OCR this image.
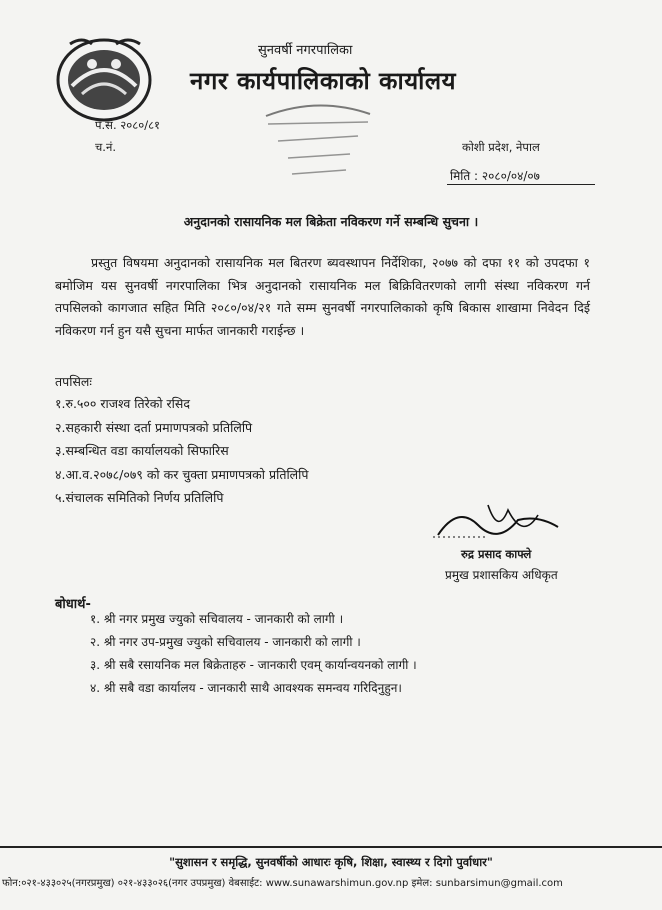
सुनवर्षी नगरपालिका
नगर कार्यपालिकाको कार्यालय
प.सं. २०८०/८१
च.नं.	कोशी प्रदेश, नेपाल
मिति : २०८०/०४/०७
अनुदानको रासायनिक मल बिक्रेता नविकरण गर्ने सम्बन्धि सुचना ।
प्रस्तुत विषयमा अनुदानको रासायनिक मल बितरण ब्यवस्थापन निर्देशिका, २०७७ को दफा ११ को उपदफा १ बमोजिम यस सुनवर्षी नगरपालिका भित्र अनुदानको रासायनिक मल बिक्रिवितरणको लागी संस्था नविकरण गर्न तपसिलको कागजात सहित मिति २०८०/०४/२१ गते सम्म सुनवर्षी नगरपालिकाको कृषि बिकास शाखामा निवेदन दिई नविकरण गर्न हुन यसै सुचना मार्फत जानकारी गराईन्छ ।
तपसिलः
१.रु.५०० राजश्व तिरेको रसिद
२.सहकारी संस्था दर्ता प्रमाणपत्रको प्रतिलिपि
३.सम्बन्धित वडा कार्यालयको सिफारिस
४.आ.व.२०७८/०७९ को कर चुक्ता प्रमाणपत्रको प्रतिलिपि
५.संचालक समितिको निर्णय प्रतिलिपि
रुद्र प्रसाद काफ्ले
प्रमुख प्रशासकिय अधिकृत
बोधार्थ-
१. श्री नगर प्रमुख ज्युको सचिवालय - जानकारी को लागी ।
२. श्री नगर उप-प्रमुख ज्युको सचिवालय - जानकारी को लागी ।
३. श्री सबै रसायनिक मल बिक्रेताहरु - जानकारी एवम् कार्यान्वयनको लागी ।
४. श्री सबै वडा कार्यालय - जानकारी साथै आवश्यक समन्वय गरिदिनुहुन।
"सुशासन र समृद्धि, सुनवर्षीको आधारः कृषि, शिक्षा, स्वास्थ्य र दिगो पुर्वाधार"
फोन:०२१-४३३०२५(नगरप्रमुख) ०२१-४३३०२६(नगर उपप्रमुख) वेबसाईट: www.sunawarshimun.gov.np इमेल: sunbarsimun@gmail.com
